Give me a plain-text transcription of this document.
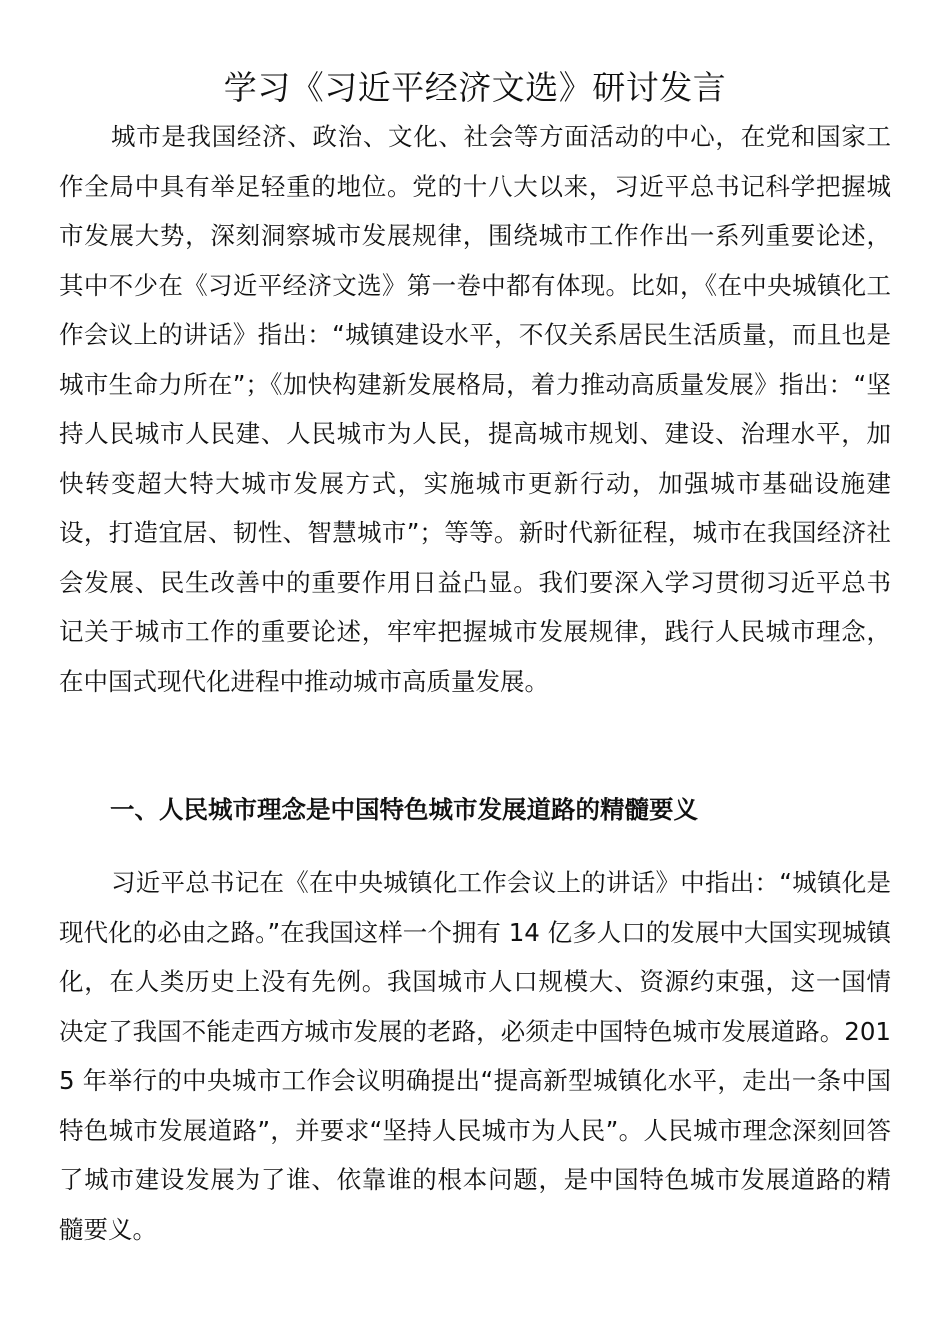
学习《习近平经济文选》研讨发言

城市是我国经济、政治、文化、社会等方面活动的中心，在党和国家工作全局中具有举足轻重的地位。党的十八大以来，习近平总书记科学把握城市发展大势，深刻洞察城市发展规律，围绕城市工作作出一系列重要论述，其中不少在《习近平经济文选》第一卷中都有体现。比如，《在中央城镇化工作会议上的讲话》指出：“城镇建设水平，不仅关系居民生活质量，而且也是城市生命力所在”；《加快构建新发展格局，着力推动高质量发展》指出：“坚持人民城市人民建、人民城市为人民，提高城市规划、建设、治理水平，加快转变超大特大城市发展方式，实施城市更新行动，加强城市基础设施建设，打造宜居、韧性、智慧城市”；等等。新时代新征程，城市在我国经济社会发展、民生改善中的重要作用日益凸显。我们要深入学习贯彻习近平总书记关于城市工作的重要论述，牢牢把握城市发展规律，践行人民城市理念，在中国式现代化进程中推动城市高质量发展。

一、人民城市理念是中国特色城市发展道路的精髓要义

习近平总书记在《在中央城镇化工作会议上的讲话》中指出：“城镇化是现代化的必由之路。”在我国这样一个拥有 14 亿多人口的发展中大国实现城镇化，在人类历史上没有先例。我国城市人口规模大、资源约束强，这一国情决定了我国不能走西方城市发展的老路，必须走中国特色城市发展道路。2015 年举行的中央城市工作会议明确提出“提高新型城镇化水平，走出一条中国特色城市发展道路”，并要求“坚持人民城市为人民”。人民城市理念深刻回答了城市建设发展为了谁、依靠谁的根本问题，是中国特色城市发展道路的精髓要义。
